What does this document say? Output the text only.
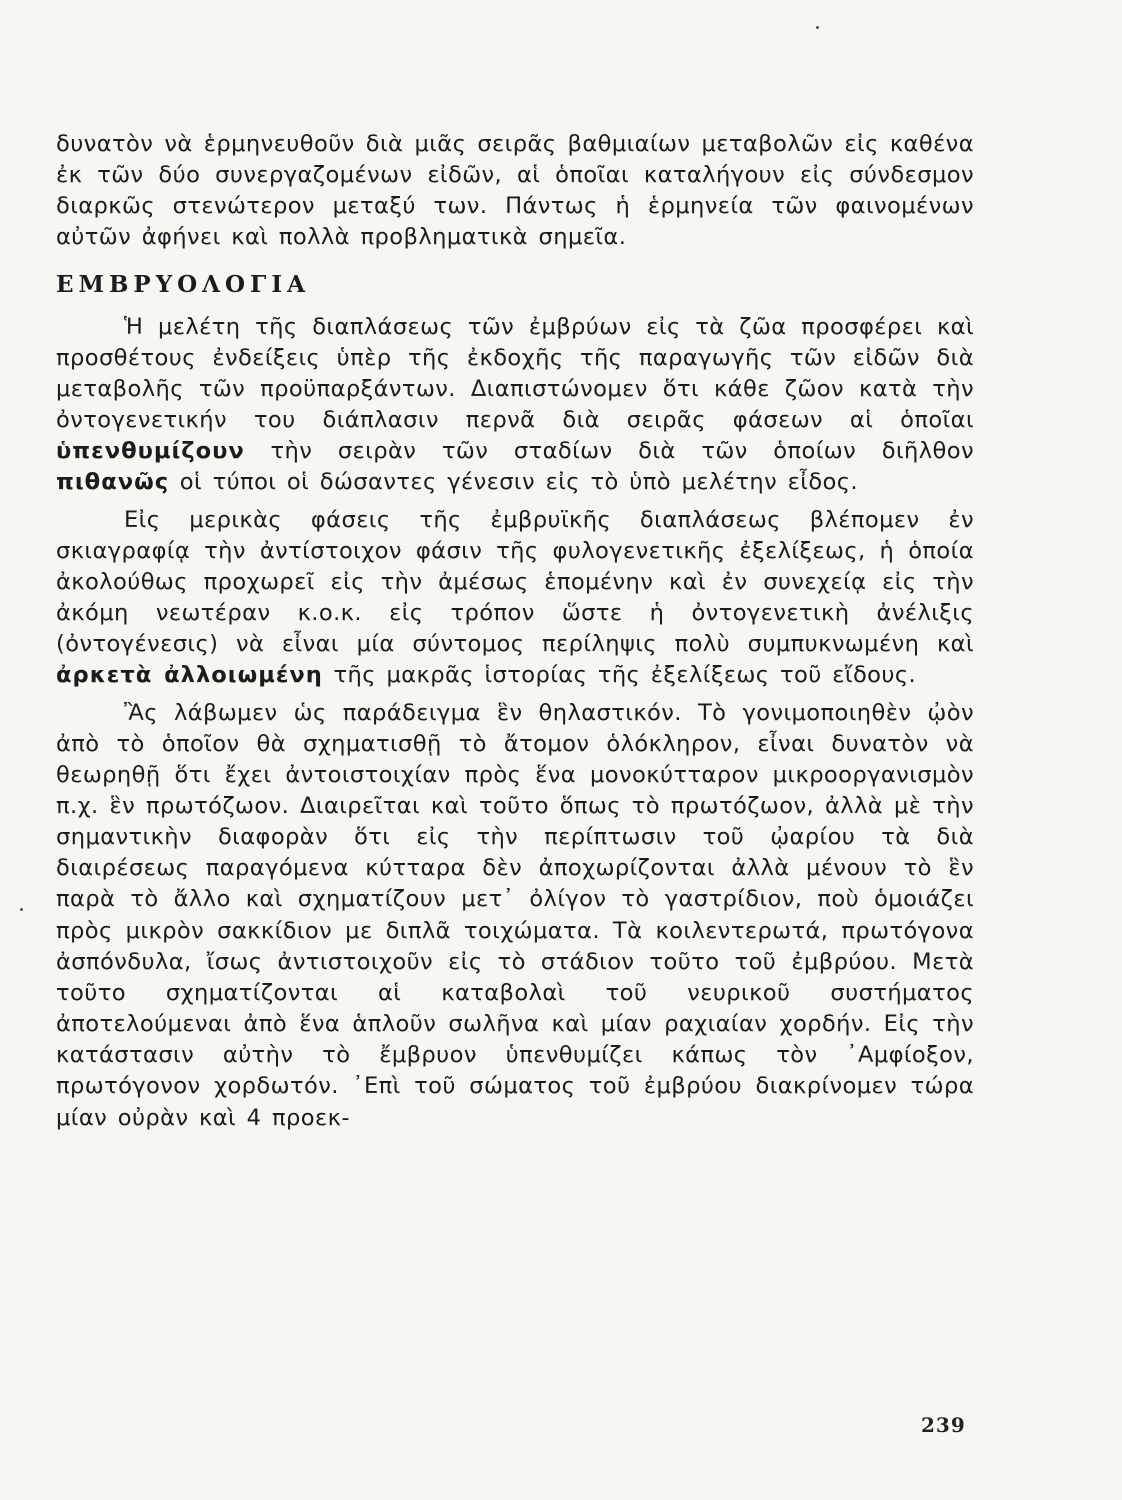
δυνατὸν νὰ ἑρμηνευθοῦν διὰ μιᾶς σειρᾶς βαθμιαίων μεταβολῶν εἰς καθένα ἐκ τῶν δύο συνεργαζομένων εἰδῶν, αἱ ὁποῖαι καταλήγουν εἰς σύνδεσμον διαρκῶς στενώτερον μεταξύ των. Πάντως ἡ ἑρμηνεία τῶν φαινομένων αὐτῶν ἀφήνει καὶ πολλὰ προβληματικὰ σημεῖα.

ΕΜΒΡΥΟΛΟΓΙΑ

Ἡ μελέτη τῆς διαπλάσεως τῶν ἐμβρύων εἰς τὰ ζῶα προσφέρει καὶ προσθέτους ἐνδείξεις ὑπὲρ τῆς ἐκδοχῆς τῆς παραγωγῆς τῶν εἰδῶν διὰ μεταβολῆς τῶν προϋπαρξάντων. Διαπιστώνομεν ὅτι κάθε ζῶον κατὰ τὴν ὀντογενετικήν του διάπλασιν περνᾶ διὰ σειρᾶς φάσεων αἱ ὁποῖαι ὑπενθυμίζουν τὴν σειρὰν τῶν σταδίων διὰ τῶν ὁποίων διῆλθον πιθανῶς οἱ τύποι οἱ δώσαντες γένεσιν εἰς τὸ ὑπὸ μελέτην εἶδος.

Εἰς μερικὰς φάσεις τῆς ἐμβρυϊκῆς διαπλάσεως βλέπομεν ἐν σκιαγραφίᾳ τὴν ἀντίστοιχον φάσιν τῆς φυλογενετικῆς ἐξελίξεως, ἡ ὁποία ἀκολούθως προχωρεῖ εἰς τὴν ἀμέσως ἑπομένην καὶ ἐν συνεχείᾳ εἰς τὴν ἀκόμη νεωτέραν κ.ο.κ. εἰς τρόπον ὥστε ἡ ὀντογενετικὴ ἀνέλιξις (ὀντογένεσις) νὰ εἶναι μία σύντομος περίληψις πολὺ συμπυκνωμένη καὶ ἀρκετὰ ἀλλοιωμένη τῆς μακρᾶς ἱστορίας τῆς ἐξελίξεως τοῦ εἴδους.

Ἂς λάβωμεν ὡς παράδειγμα ἓν θηλαστικόν. Τὸ γονιμοποιηθὲν ᾠὸν ἀπὸ τὸ ὁποῖον θὰ σχηματισθῇ τὸ ἄτομον ὁλόκληρον, εἶναι δυνατὸν νὰ θεωρηθῇ ὅτι ἔχει ἀντοιστοιχίαν πρὸς ἕνα μονοκύτταρον μικροοργανισμὸν π.χ. ἓν πρωτόζωον. Διαιρεῖται καὶ τοῦτο ὅπως τὸ πρωτόζωον, ἀλλὰ μὲ τὴν σημαντικὴν διαφορὰν ὅτι εἰς τὴν περίπτωσιν τοῦ ᾠαρίου τὰ διὰ διαιρέσεως παραγόμενα κύτταρα δὲν ἀποχωρίζονται ἀλλὰ μένουν τὸ ἓν παρὰ τὸ ἄλλο καὶ σχηματίζουν μετ᾿ ὀλίγον τὸ γαστρίδιον, ποὺ ὁμοιάζει πρὸς μικρὸν σακκίδιον με διπλᾶ τοιχώματα. Τὰ κοιλεντερωτά, πρωτόγονα ἀσπόνδυλα, ἴσως ἀντιστοιχοῦν εἰς τὸ στάδιον τοῦτο τοῦ ἐμβρύου. Μετὰ τοῦτο σχηματίζονται αἱ καταβολαὶ τοῦ νευρικοῦ συστήματος ἀποτελούμεναι ἀπὸ ἕνα ἁπλοῦν σωλῆνα καὶ μίαν ραχιαίαν χορδήν. Εἰς τὴν κατάστασιν αὐτὴν τὸ ἔμβρυον ὑπενθυμίζει κάπως τὸν ᾿Αμφίοξον, πρωτόγονον χορδωτόν. ᾿Επὶ τοῦ σώματος τοῦ ἐμβρύου διακρίνομεν τώρα μίαν οὐρὰν καὶ 4 προεκ-

239
